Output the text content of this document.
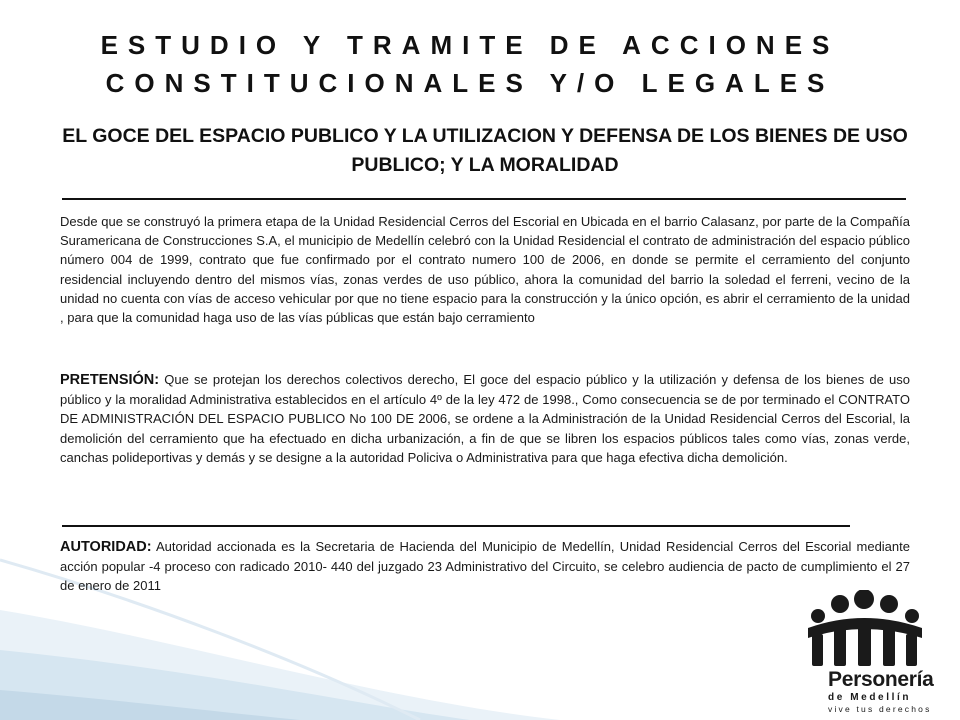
ESTUDIO Y TRAMITE DE ACCIONES
CONSTITUCIONALES Y/O LEGALES
EL GOCE DEL ESPACIO PUBLICO Y LA UTILIZACION Y DEFENSA DE LOS BIENES DE USO PUBLICO; Y LA MORALIDAD
Desde que se construyó la primera etapa de la Unidad Residencial Cerros del Escorial en Ubicada en el barrio Calasanz, por parte de la Compañía Suramericana de Construcciones S.A, el municipio de Medellín celebró con la Unidad Residencial el contrato de administración del espacio público número 004 de 1999, contrato que fue confirmado por el contrato numero 100 de 2006, en donde se permite el cerramiento del conjunto residencial incluyendo dentro del mismos vías, zonas verdes de uso público, ahora la comunidad del barrio la soledad el ferreni, vecino de la unidad no cuenta con vías de acceso vehicular por que no tiene espacio para la construcción y la único opción, es abrir el cerramiento de la unidad , para que la comunidad haga uso de las vías públicas que están bajo cerramiento
PRETENSIÓN: Que se protejan los derechos colectivos derecho, El goce del espacio público y la utilización y defensa de los bienes de uso público y la moralidad Administrativa establecidos en el artículo 4º de la ley 472 de 1998., Como consecuencia se de por terminado el CONTRATO DE ADMINISTRACIÓN DEL ESPACIO PUBLICO No 100 DE 2006, se ordene a la Administración de la Unidad Residencial Cerros del Escorial, la demolición del cerramiento que ha efectuado en dicha urbanización, a fin de que se libren los espacios públicos tales como vías, zonas verde, canchas polideportivas y demás y se designe a la autoridad Policiva o Administrativa para que haga efectiva dicha demolición.
AUTORIDAD: Autoridad accionada es la Secretaria de Hacienda del Municipio de Medellín, Unidad Residencial Cerros del Escorial mediante acción popular -4 proceso con radicado 2010- 440 del juzgado 23 Administrativo del Circuito, se celebro audiencia de pacto de cumplimiento el 27 de enero de 2011
Personería
de Medellín
vive tus derechos
